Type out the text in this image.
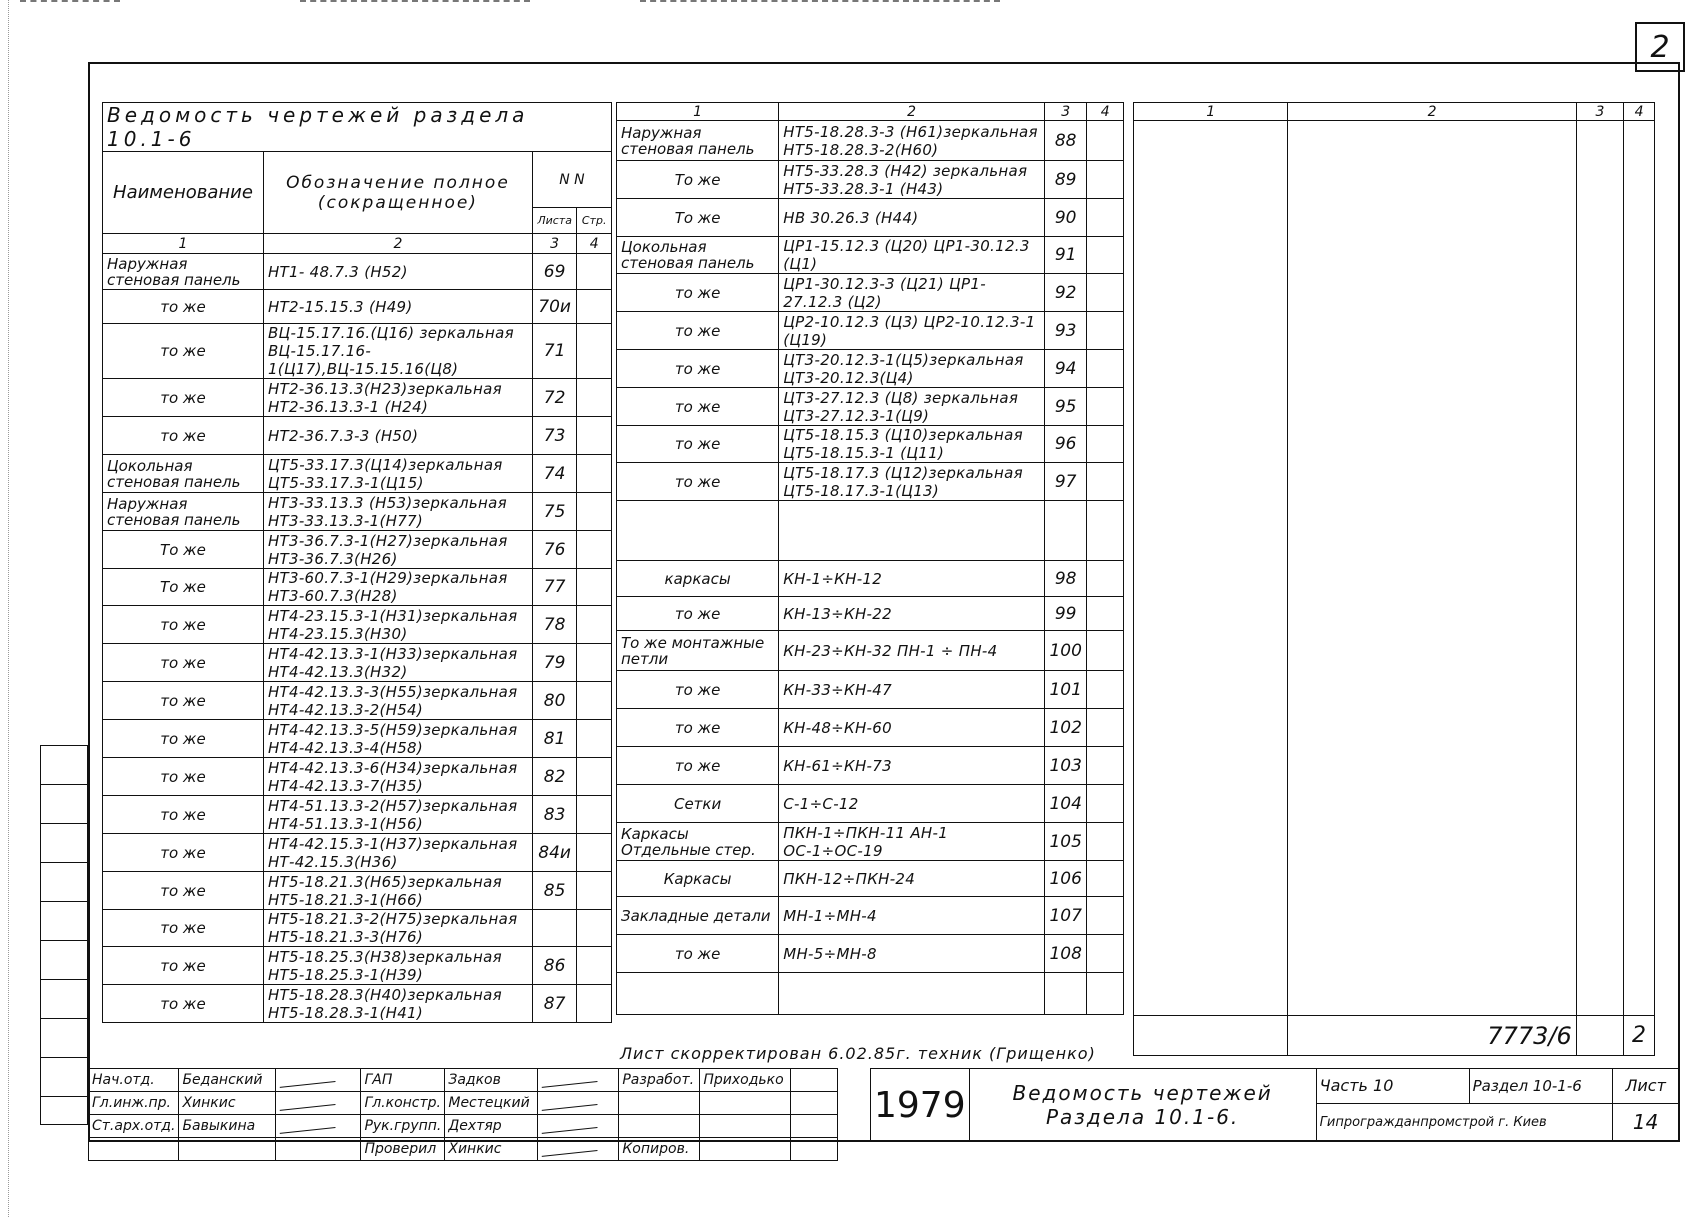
2
Ведомость чертежей раздела 10.1-6			
Наименование	Обозначение полное (сокращенное)	N N	
		Листа	Стр.
1	2	3	4
Наружная стеновая панель	НТ1- 48.7.3 (Н52)	69	
то же	НТ2-15.15.3 (Н49)	70и	
то же	ВЦ-15.17.16.(Ц16) зеркальная ВЦ-15.17.16-1(Ц17),ВЦ-15.15.16(Ц8)	71	
то же	НТ2-36.13.3(Н23)зеркальная НТ2-36.13.3-1 (Н24)	72	
то же	НТ2-36.7.3-3 (Н50)	73	
Цокольная стеновая панель	ЦТ5-33.17.3(Ц14)зеркальная ЦТ5-33.17.3-1(Ц15)	74	
Наружная стеновая панель	НТ3-33.13.3 (Н53)зеркальная НТ3-33.13.3-1(Н77)	75	
То же	НТ3-36.7.3-1(Н27)зеркальная НТ3-36.7.3(Н26)	76	
То же	НТ3-60.7.3-1(Н29)зеркальная НТ3-60.7.3(Н28)	77	
то же	НТ4-23.15.3-1(Н31)зеркальная НТ4-23.15.3(Н30)	78	
то же	НТ4-42.13.3-1(Н33)зеркальная НТ4-42.13.3(Н32)	79	
то же	НТ4-42.13.3-3(Н55)зеркальная НТ4-42.13.3-2(Н54)	80	
то же	НТ4-42.13.3-5(Н59)зеркальная НТ4-42.13.3-4(Н58)	81	
то же	НТ4-42.13.3-6(Н34)зеркальная НТ4-42.13.3-7(Н35)	82	
то же	НТ4-51.13.3-2(Н57)зеркальная НТ4-51.13.3-1(Н56)	83	
то же	НТ4-42.15.3-1(Н37)зеркальная НТ-42.15.3(Н36)	84и	
то же	НТ5-18.21.3(Н65)зеркальная НТ5-18.21.3-1(Н66)	85	
то же	НТ5-18.21.3-2(Н75)зеркальная НТ5-18.21.3-3(Н76)		
то же	НТ5-18.25.3(Н38)зеркальная НТ5-18.25.3-1(Н39)	86	
то же	НТ5-18.28.3(Н40)зеркальная НТ5-18.28.3-1(Н41)	87	
1	2	3	4
Наружная стеновая панель	НТ5-18.28.3-3 (Н61)зеркальная НТ5-18.28.3-2(Н60)	88	
То же	НТ5-33.28.3 (Н42) зеркальная НТ5-33.28.3-1 (Н43)	89	
То же	НВ 30.26.3 (Н44)	90	
Цокольная стеновая панель	ЦР1-15.12.3 (Ц20) ЦР1-30.12.3 (Ц1)	91	
то же	ЦР1-30.12.3-3 (Ц21) ЦР1-27.12.3 (Ц2)	92	
то же	ЦР2-10.12.3 (Ц3) ЦР2-10.12.3-1 (Ц19)	93	
то же	ЦТ3-20.12.3-1(Ц5)зеркальная ЦТ3-20.12.3(Ц4)	94	
то же	ЦТ3-27.12.3 (Ц8) зеркальная ЦТ3-27.12.3-1(Ц9)	95	
то же	ЦТ5-18.15.3 (Ц10)зеркальная ЦТ5-18.15.3-1 (Ц11)	96	
то же	ЦТ5-18.17.3 (Ц12)зеркальная ЦТ5-18.17.3-1(Ц13)	97	

каркасы	КН-1÷КН-12	98	
то же	КН-13÷КН-22	99	
То же монтажные петли	КН-23÷КН-32 ПН-1 ÷ ПН-4	100	
то же	КН-33÷КН-47	101	
то же	КН-48÷КН-60	102	
то же	КН-61÷КН-73	103	
Сетки	С-1÷С-12	104	
Каркасы Отдельные стер.	ПКН-1÷ПКН-11 АН-1 ОС-1÷ОС-19	105	
Каркасы	ПКН-12÷ПКН-24	106	
Закладные детали	МН-1÷МН-4	107	
то же	МН-5÷МН-8	108	

1	2	3	4

	7773/6		2
Лист скорректирован 6.02.85г. техник (Грищенко)
Нач.отд.	Беданский		ГАП	Задков		Разработ.	Приходько	
Гл.инж.пр.	Хинкис		Гл.констр.	Местецкий				
Ст.арх.отд.	Бавыкина		Рук.групп.	Дехтяр				
			Проверил	Хинкис		Копиров.		
1979	Ведомость чертежей Раздела 10.1-6.	Часть 10	Раздел 10-1-6	Лист
		Гипрогражданпромстрой г. Киев		14
